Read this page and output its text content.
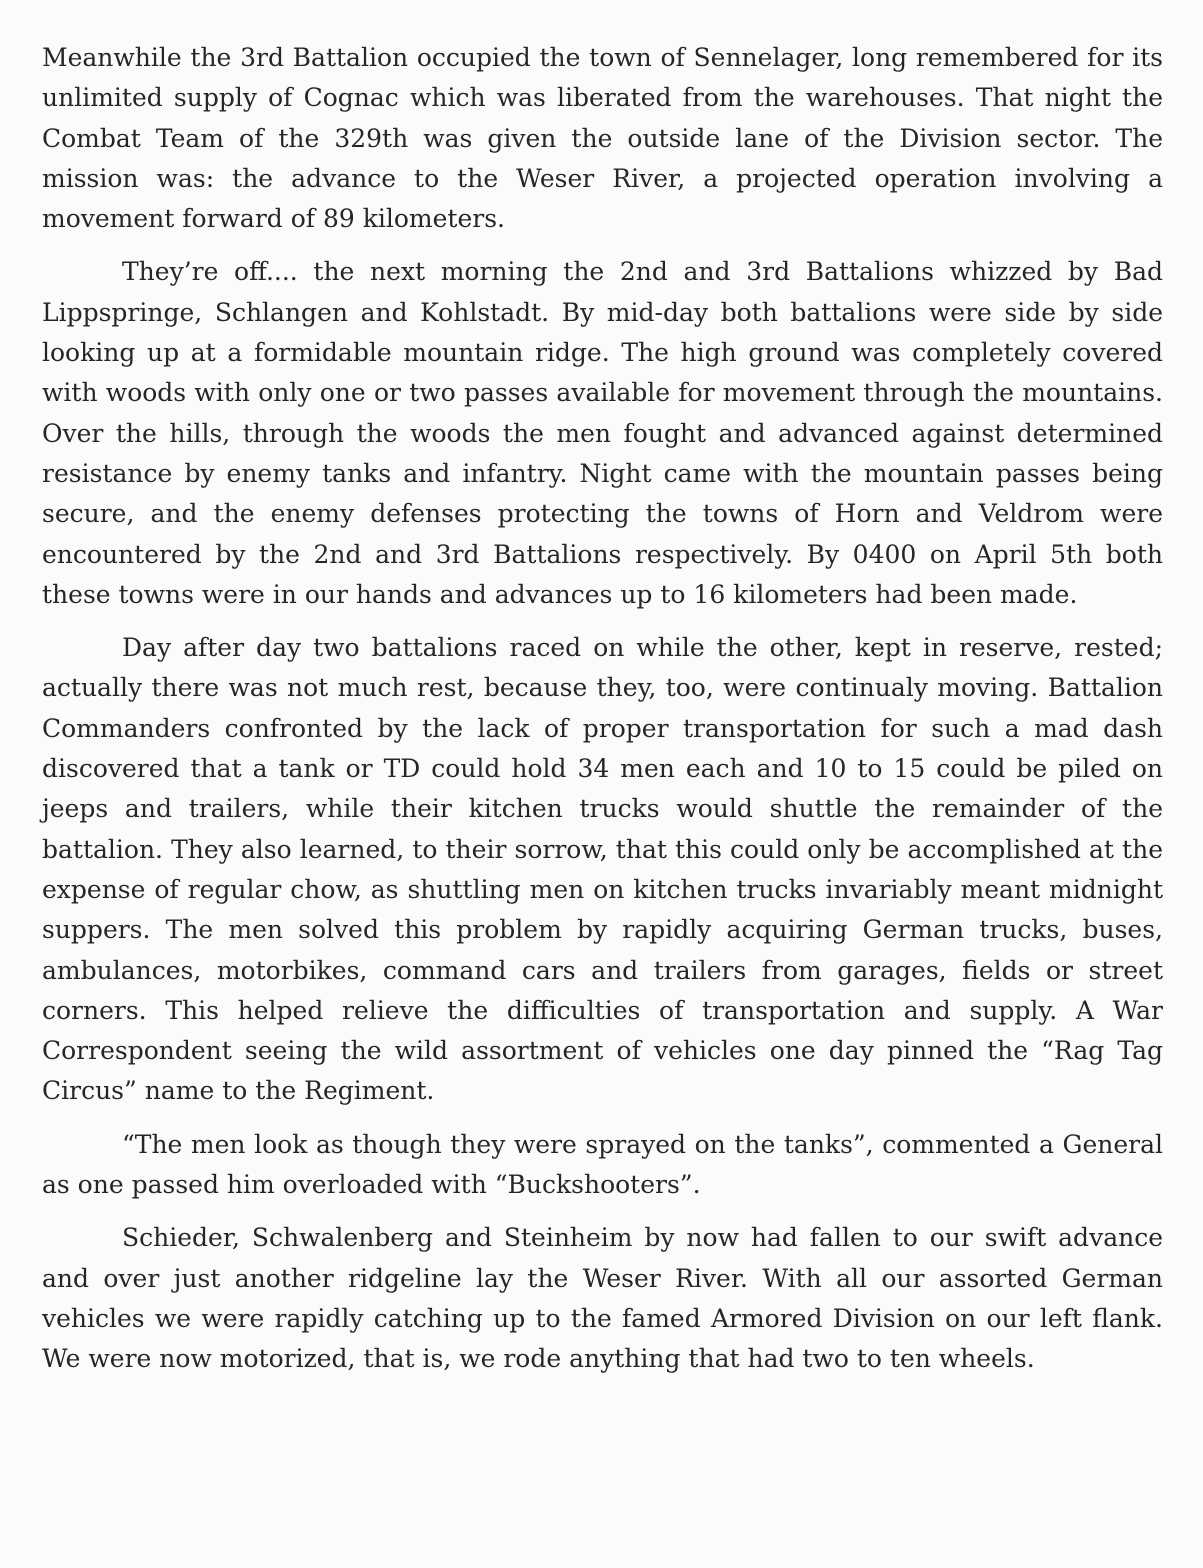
Meanwhile the 3rd Battalion occupied the town of Sennelager, long remembered for its unlimited supply of Cognac which was liberated from the warehouses. That night the Combat Team of the 329th was given the outside lane of the Division sector. The mission was: the advance to the Weser River, a projected operation involving a movement forward of 89 kilometers.

They’re off.... the next morning the 2nd and 3rd Battalions whizzed by Bad Lippspringe, Schlangen and Kohlstadt. By mid-day both battalions were side by side looking up at a formidable mountain ridge. The high ground was completely covered with woods with only one or two passes available for movement through the mountains. Over the hills, through the woods the men fought and advanced against determined resistance by enemy tanks and infantry. Night came with the mountain passes being secure, and the enemy defenses protecting the towns of Horn and Veldrom were encountered by the 2nd and 3rd Battalions respectively. By 0400 on April 5th both these towns were in our hands and advances up to 16 kilometers had been made.

Day after day two battalions raced on while the other, kept in reserve, rested; actually there was not much rest, because they, too, were continualy moving. Battalion Commanders confronted by the lack of proper transportation for such a mad dash discovered that a tank or TD could hold 34 men each and 10 to 15 could be piled on jeeps and trailers, while their kitchen trucks would shuttle the remainder of the battalion. They also learned, to their sorrow, that this could only be accomplished at the expense of regular chow, as shuttling men on kitchen trucks invariably meant midnight suppers. The men solved this problem by rapidly acquiring German trucks, buses, ambulances, motorbikes, command cars and trailers from garages, fields or street corners. This helped relieve the difficulties of transportation and supply. A War Correspondent seeing the wild assortment of vehicles one day pinned the “Rag Tag Circus” name to the Regiment.

“The men look as though they were sprayed on the tanks”, commented a General as one passed him overloaded with “Buckshooters”.

Schieder, Schwalenberg and Steinheim by now had fallen to our swift advance and over just another ridgeline lay the Weser River. With all our assorted German vehicles we were rapidly catching up to the famed Armored Division on our left flank. We were now motorized, that is, we rode anything that had two to ten wheels.
